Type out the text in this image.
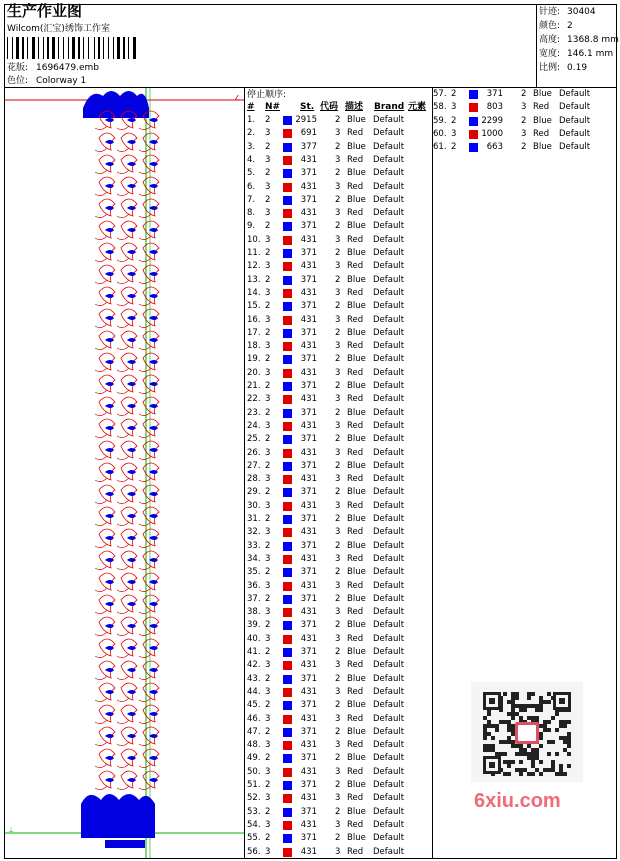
生产作业图
Wilcom(汇宝)绣饰工作室
花版: 1696479.emb
色位: Colorway 1
针迹: 30404
颜色: 2
高度: 1368.8 mm
宽度: 146.1 mm
比例: 0.19
∠
⊥
停止顺序:
# N# St. 代码 描述 Brand 元素
1. 2	2915 2 Blue Default
2. 3	691 3 Red Default
3. 2	377 2 Blue Default
4. 3	431 3 Red Default
5. 2	371 2 Blue Default
6. 3	431 3 Red Default
7. 2	371 2 Blue Default
8. 3	431 3 Red Default
9. 2	371 2 Blue Default
10. 3	431 3 Red Default
11. 2	371 2 Blue Default
12. 3	431 3 Red Default
13. 2	371 2 Blue Default
14. 3	431 3 Red Default
15. 2	371 2 Blue Default
16. 3	431 3 Red Default
17. 2	371 2 Blue Default
18. 3	431 3 Red Default
19. 2	371 2 Blue Default
20. 3	431 3 Red Default
21. 2	371 2 Blue Default
22. 3	431 3 Red Default
23. 2	371 2 Blue Default
24. 3	431 3 Red Default
25. 2	371 2 Blue Default
26. 3	431 3 Red Default
27. 2	371 2 Blue Default
28. 3	431 3 Red Default
29. 2	371 2 Blue Default
30. 3	431 3 Red Default
31. 2	371 2 Blue Default
32. 3	431 3 Red Default
33. 2	371 2 Blue Default
34. 3	431 3 Red Default
35. 2	371 2 Blue Default
36. 3	431 3 Red Default
37. 2	371 2 Blue Default
38. 3	431 3 Red Default
39. 2	371 2 Blue Default
40. 3	431 3 Red Default
41. 2	371 2 Blue Default
42. 3	431 3 Red Default
43. 2	371 2 Blue Default
44. 3	431 3 Red Default
45. 2	371 2 Blue Default
46. 3	431 3 Red Default
47. 2	371 2 Blue Default
48. 3	431 3 Red Default
49. 2	371 2 Blue Default
50. 3	431 3 Red Default
51. 2	371 2 Blue Default
52. 3	431 3 Red Default
53. 2	371 2 Blue Default
54. 3	431 3 Red Default
55. 2	371 2 Blue Default
56. 3	431 3 Red Default
57. 2	371 2 Blue Default
58. 3	803 3 Red Default
59. 2	2299 2 Blue Default
60. 3	1000 3 Red Default
61. 2	663 2 Blue Default
6xiu.com
